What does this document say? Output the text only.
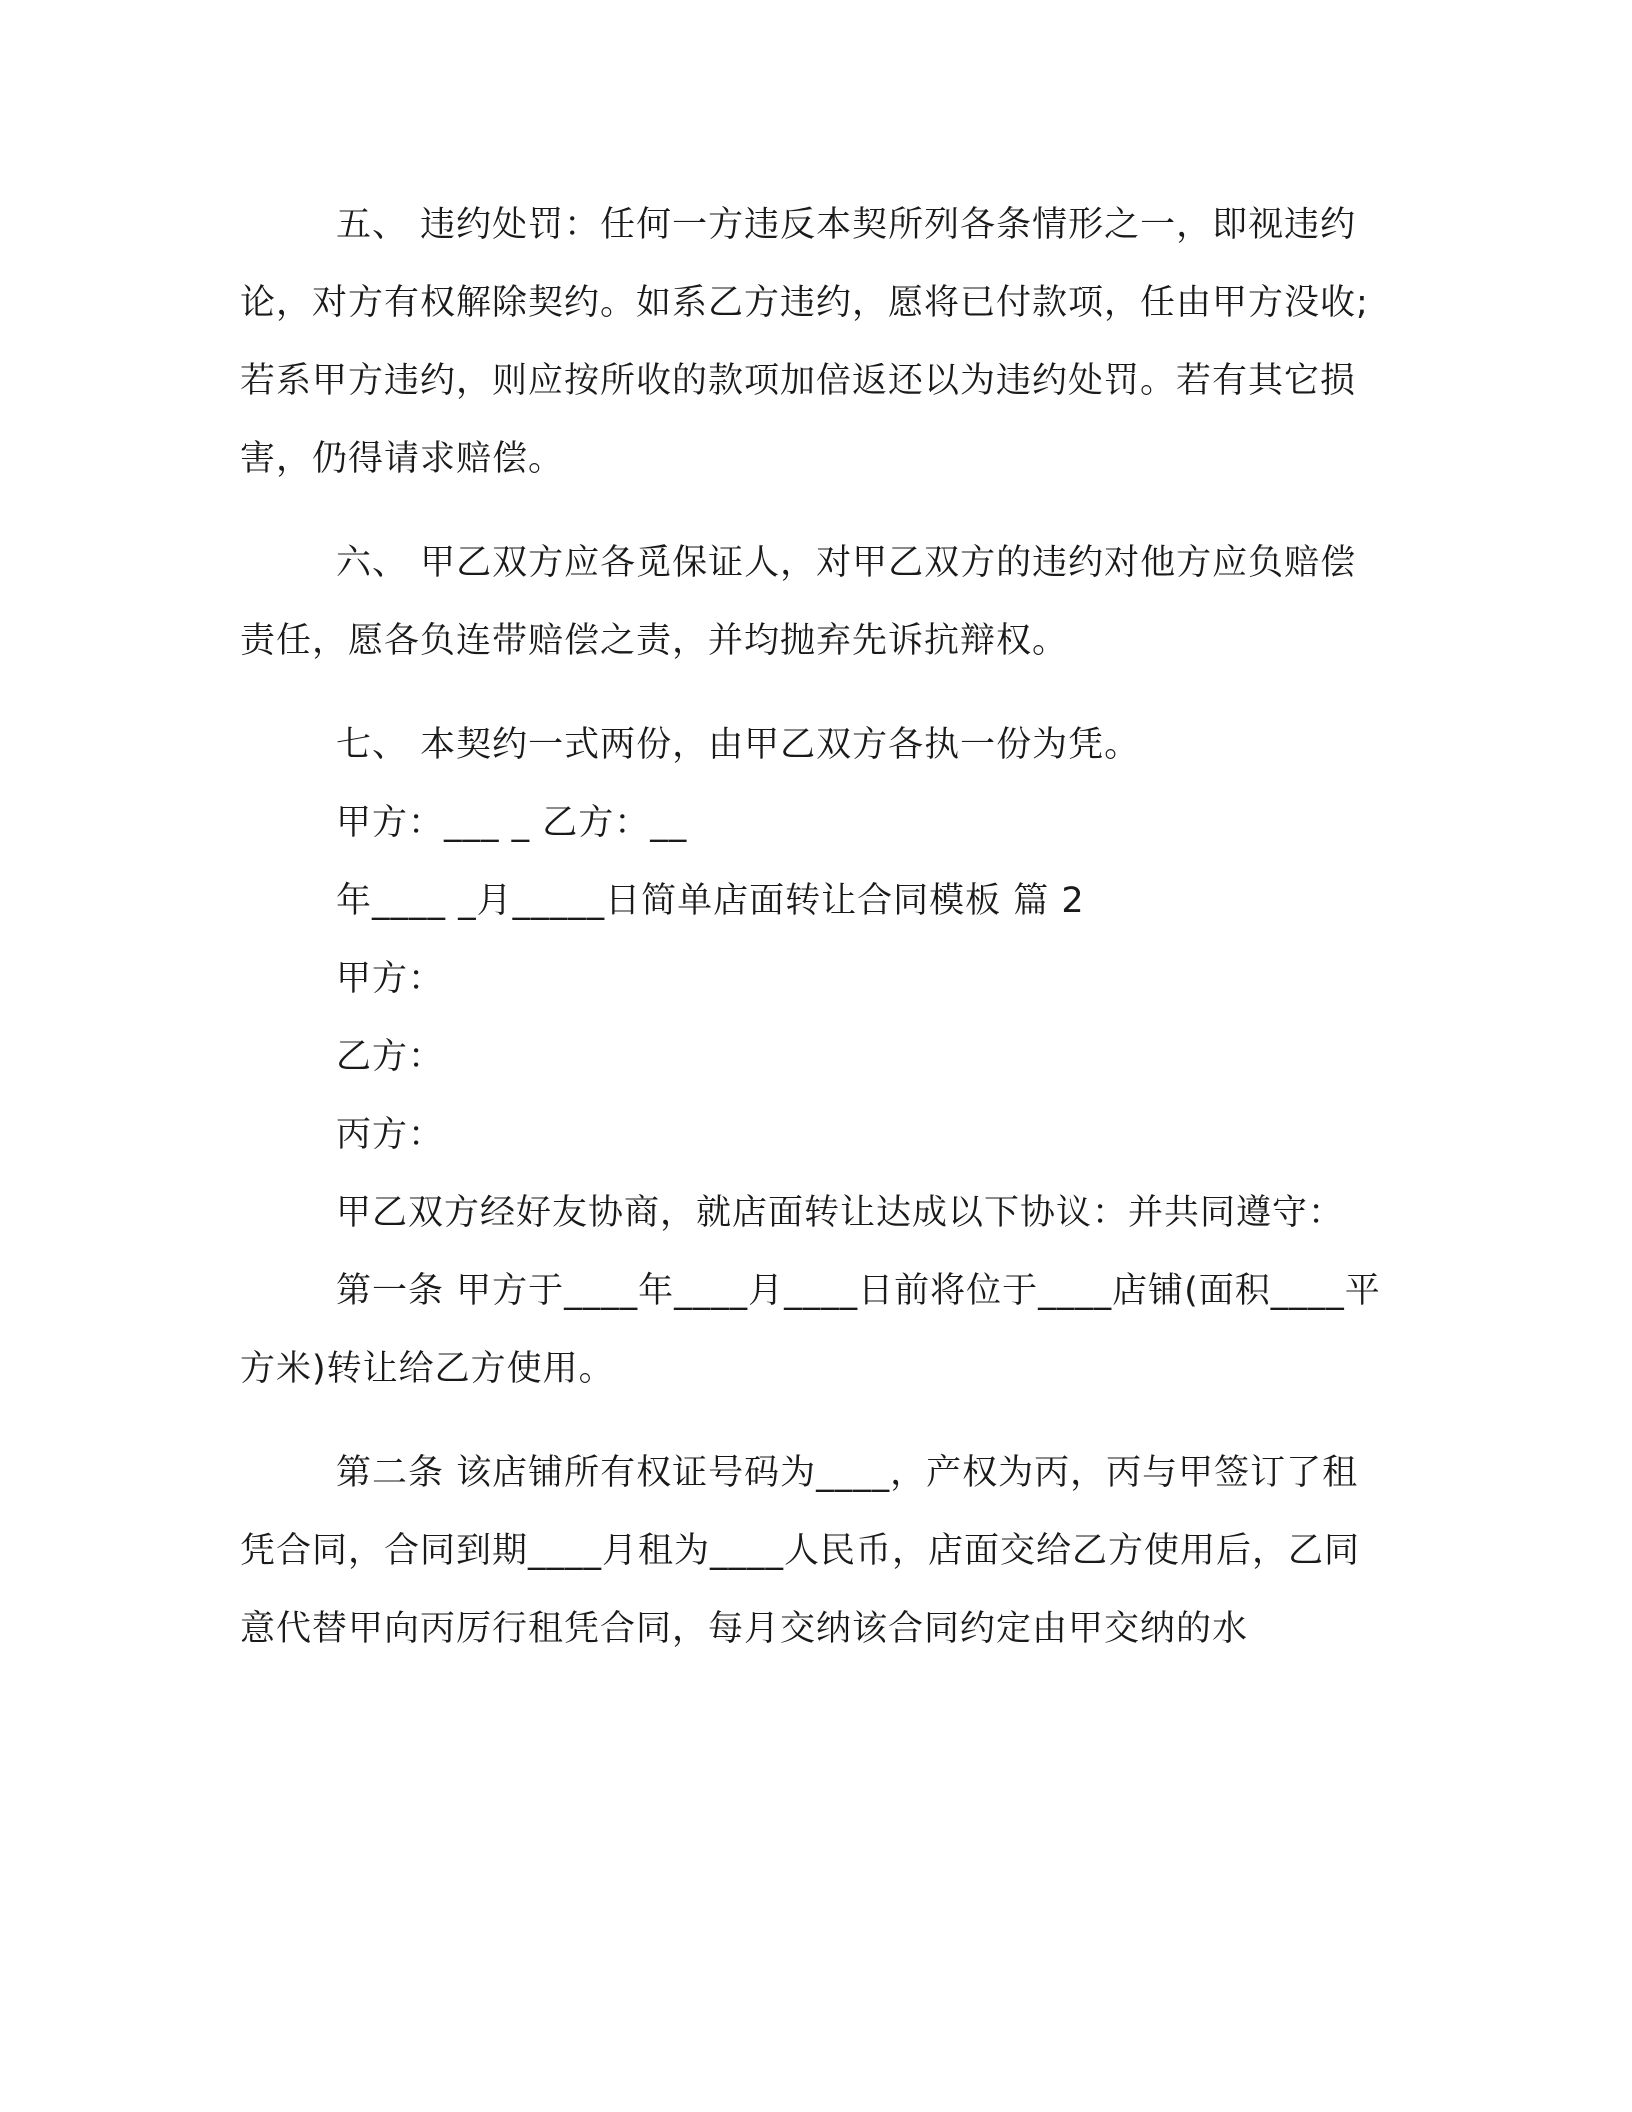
五、 违约处罚：任何一方违反本契所列各条情形之一，即视违约论，对方有权解除契约。如系乙方违约，愿将已付款项，任由甲方没收;若系甲方违约，则应按所收的款项加倍返还以为违约处罚。若有其它损害，仍得请求赔偿。

六、 甲乙双方应各觅保证人，对甲乙双方的违约对他方应负赔偿责任，愿各负连带赔偿之责，并均抛弃先诉抗辩权。

七、 本契约一式两份，由甲乙双方各执一份为凭。

甲方：___ _ 乙方：__

年____ _月_____日简单店面转让合同模板 篇 2

甲方：

乙方：

丙方：

甲乙双方经好友协商，就店面转让达成以下协议：并共同遵守：

第一条 甲方于____年____月____日前将位于____店铺(面积____平方米)转让给乙方使用。

第二条 该店铺所有权证号码为____，产权为丙，丙与甲签订了租凭合同，合同到期____月租为____人民币，店面交给乙方使用后，乙同意代替甲向丙厉行租凭合同，每月交纳该合同约定由甲交纳的水
